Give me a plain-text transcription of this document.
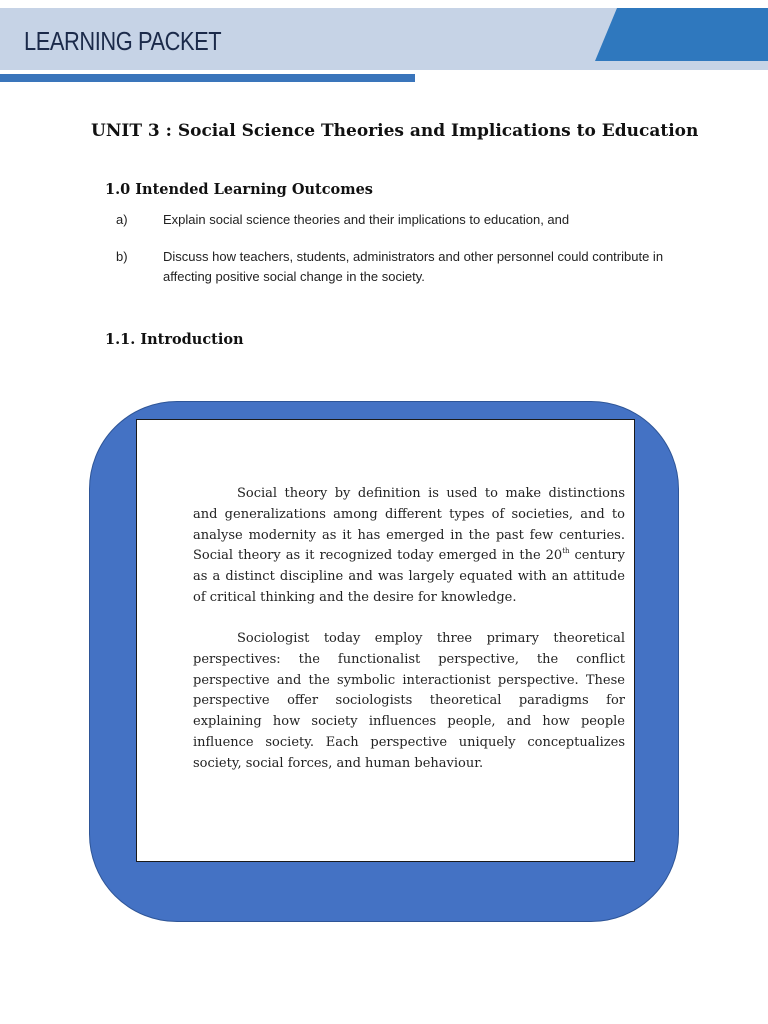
LEARNING PACKET
UNIT 3 : Social Science Theories and Implications to Education
1.0 Intended Learning Outcomes
a)	Explain social science theories and their implications to education, and
b)	Discuss how teachers, students, administrators and other personnel could contribute in affecting positive social change in the society.
1.1. Introduction

Social theory by definition is used to make distinctions and generalizations among different types of societies, and to analyse modernity as it has emerged in the past few centuries. Social theory as it recognized today emerged in the 20th century as a distinct discipline and was largely equated with an attitude of critical thinking and the desire for knowledge.

Sociologist today employ three primary theoretical perspectives: the functionalist perspective, the conflict perspective and the symbolic interactionist perspective. These perspective offer sociologists theoretical paradigms for explaining how society influences people, and how people influence society. Each perspective uniquely conceptualizes society, social forces, and human behaviour.
